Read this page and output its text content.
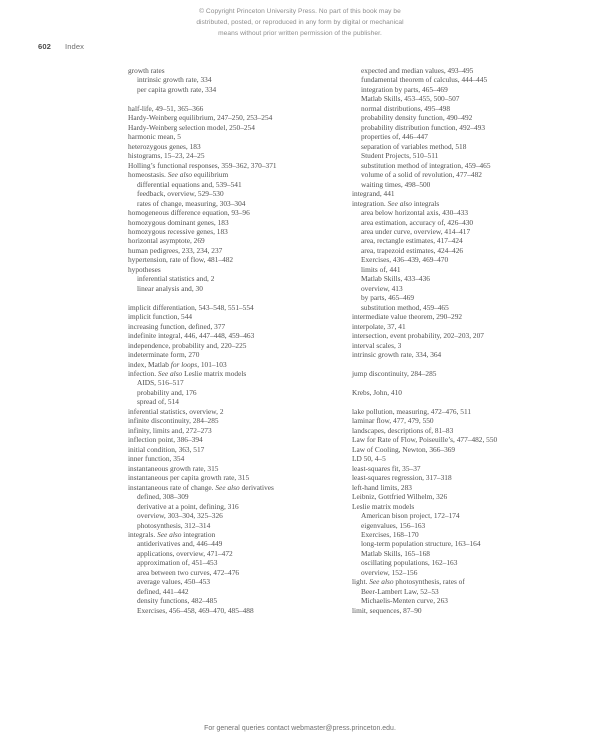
© Copyright Princeton University Press. No part of this book may be
distributed, posted, or reproduced in any form by digital or mechanical
means without prior written permission of the publisher.
602 Index
growth rates
intrinsic growth rate, 334
per capita growth rate, 334

half-life, 49–51, 365–366
Hardy-Weinberg equilibrium, 247–250, 253–254
Hardy-Weinberg selection model, 250–254
harmonic mean, 5
heterozygous genes, 183
histograms, 15–23, 24–25
Holling’s functional responses, 359–362, 370–371
homeostasis. See also equilibrium
differential equations and, 539–541
feedback, overview, 529–530
rates of change, measuring, 303–304
homogeneous difference equation, 93–96
homozygous dominant genes, 183
homozygous recessive genes, 183
horizontal asymptote, 269
human pedigrees, 233, 234, 237
hypertension, rate of flow, 481–482
hypotheses
inferential statistics and, 2
linear analysis and, 30

implicit differentiation, 543–548, 551–554
implicit function, 544
increasing function, defined, 377
indefinite integral, 446, 447–448, 459–463
independence, probability and, 220–225
indeterminate form, 270
index, Matlab for loops, 101–103
infection. See also Leslie matrix models
AIDS, 516–517
probability and, 176
spread of, 514
inferential statistics, overview, 2
infinite discontinuity, 284–285
infinity, limits and, 272–273
inflection point, 386–394
initial condition, 363, 517
inner function, 354
instantaneous growth rate, 315
instantaneous per capita growth rate, 315
instantaneous rate of change. See also derivatives
defined, 308–309
derivative at a point, defining, 316
overview, 303–304, 325–326
photosynthesis, 312–314
integrals. See also integration
antiderivatives and, 446–449
applications, overview, 471–472
approximation of, 451–453
area between two curves, 472–476
average values, 450–453
defined, 441–442
density functions, 482–485
Exercises, 456–458, 469–470, 485–488
expected and median values, 493–495
fundamental theorem of calculus, 444–445
integration by parts, 465–469
Matlab Skills, 453–455, 500–507
normal distributions, 495–498
probability density function, 490–492
probability distribution function, 492–493
properties of, 446–447
separation of variables method, 518
Student Projects, 510–511
substitution method of integration, 459–465
volume of a solid of revolution, 477–482
waiting times, 498–500
integrand, 441
integration. See also integrals
area below horizontal axis, 430–433
area estimation, accuracy of, 426–430
area under curve, overview, 414–417
area, rectangle estimates, 417–424
area, trapezoid estimates, 424–426
Exercises, 436–439, 469–470
limits of, 441
Matlab Skills, 433–436
overview, 413
by parts, 465–469
substitution method, 459–465
intermediate value theorem, 290–292
interpolate, 37, 41
intersection, event probability, 202–203, 207
interval scales, 3
intrinsic growth rate, 334, 364

jump discontinuity, 284–285

Krebs, John, 410

lake pollution, measuring, 472–476, 511
laminar flow, 477, 479, 550
landscapes, descriptions of, 81–83
Law for Rate of Flow, Poiseuille’s, 477–482, 550
Law of Cooling, Newton, 366–369
LD 50, 4–5
least-squares fit, 35–37
least-squares regression, 317–318
left-hand limits, 283
Leibniz, Gottfried Wilhelm, 326
Leslie matrix models
American bison project, 172–174
eigenvalues, 156–163
Exercises, 168–170
long-term population structure, 163–164
Matlab Skills, 165–168
oscillating populations, 162–163
overview, 152–156
light. See also photosynthesis, rates of
Beer-Lambert Law, 52–53
Michaelis-Menten curve, 263
limit, sequences, 87–90
For general queries contact webmaster@press.princeton.edu.
